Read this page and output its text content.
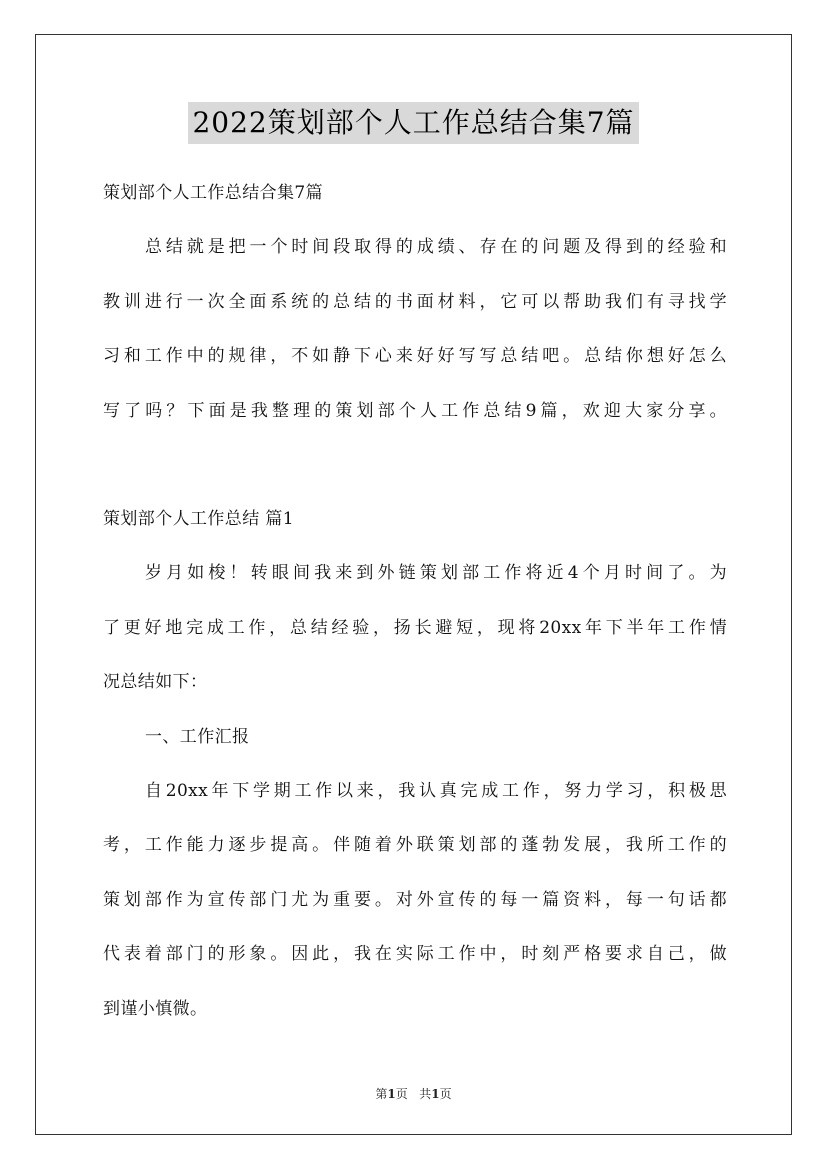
2022策划部个人工作总结合集7篇
策划部个人工作总结合集7篇
总结就是把一个时间段取得的成绩、存在的问题及得到的经验和
教训进行一次全面系统的总结的书面材料，它可以帮助我们有寻找学
习和工作中的规律，不如静下心来好好写写总结吧。总结你想好怎么
写了吗？下面是我整理的策划部个人工作总结9篇，欢迎大家分享。
策划部个人工作总结 篇1
岁月如梭！转眼间我来到外链策划部工作将近4个月时间了。为
了更好地完成工作，总结经验，扬长避短，现将20xx年下半年工作情
况总结如下：
一、工作汇报
自20xx年下学期工作以来，我认真完成工作，努力学习，积极思
考，工作能力逐步提高。伴随着外联策划部的蓬勃发展，我所工作的
策划部作为宣传部门尤为重要。对外宣传的每一篇资料，每一句话都
代表着部门的形象。因此，我在实际工作中，时刻严格要求自己，做
到谨小慎微。
第1页   共1页
